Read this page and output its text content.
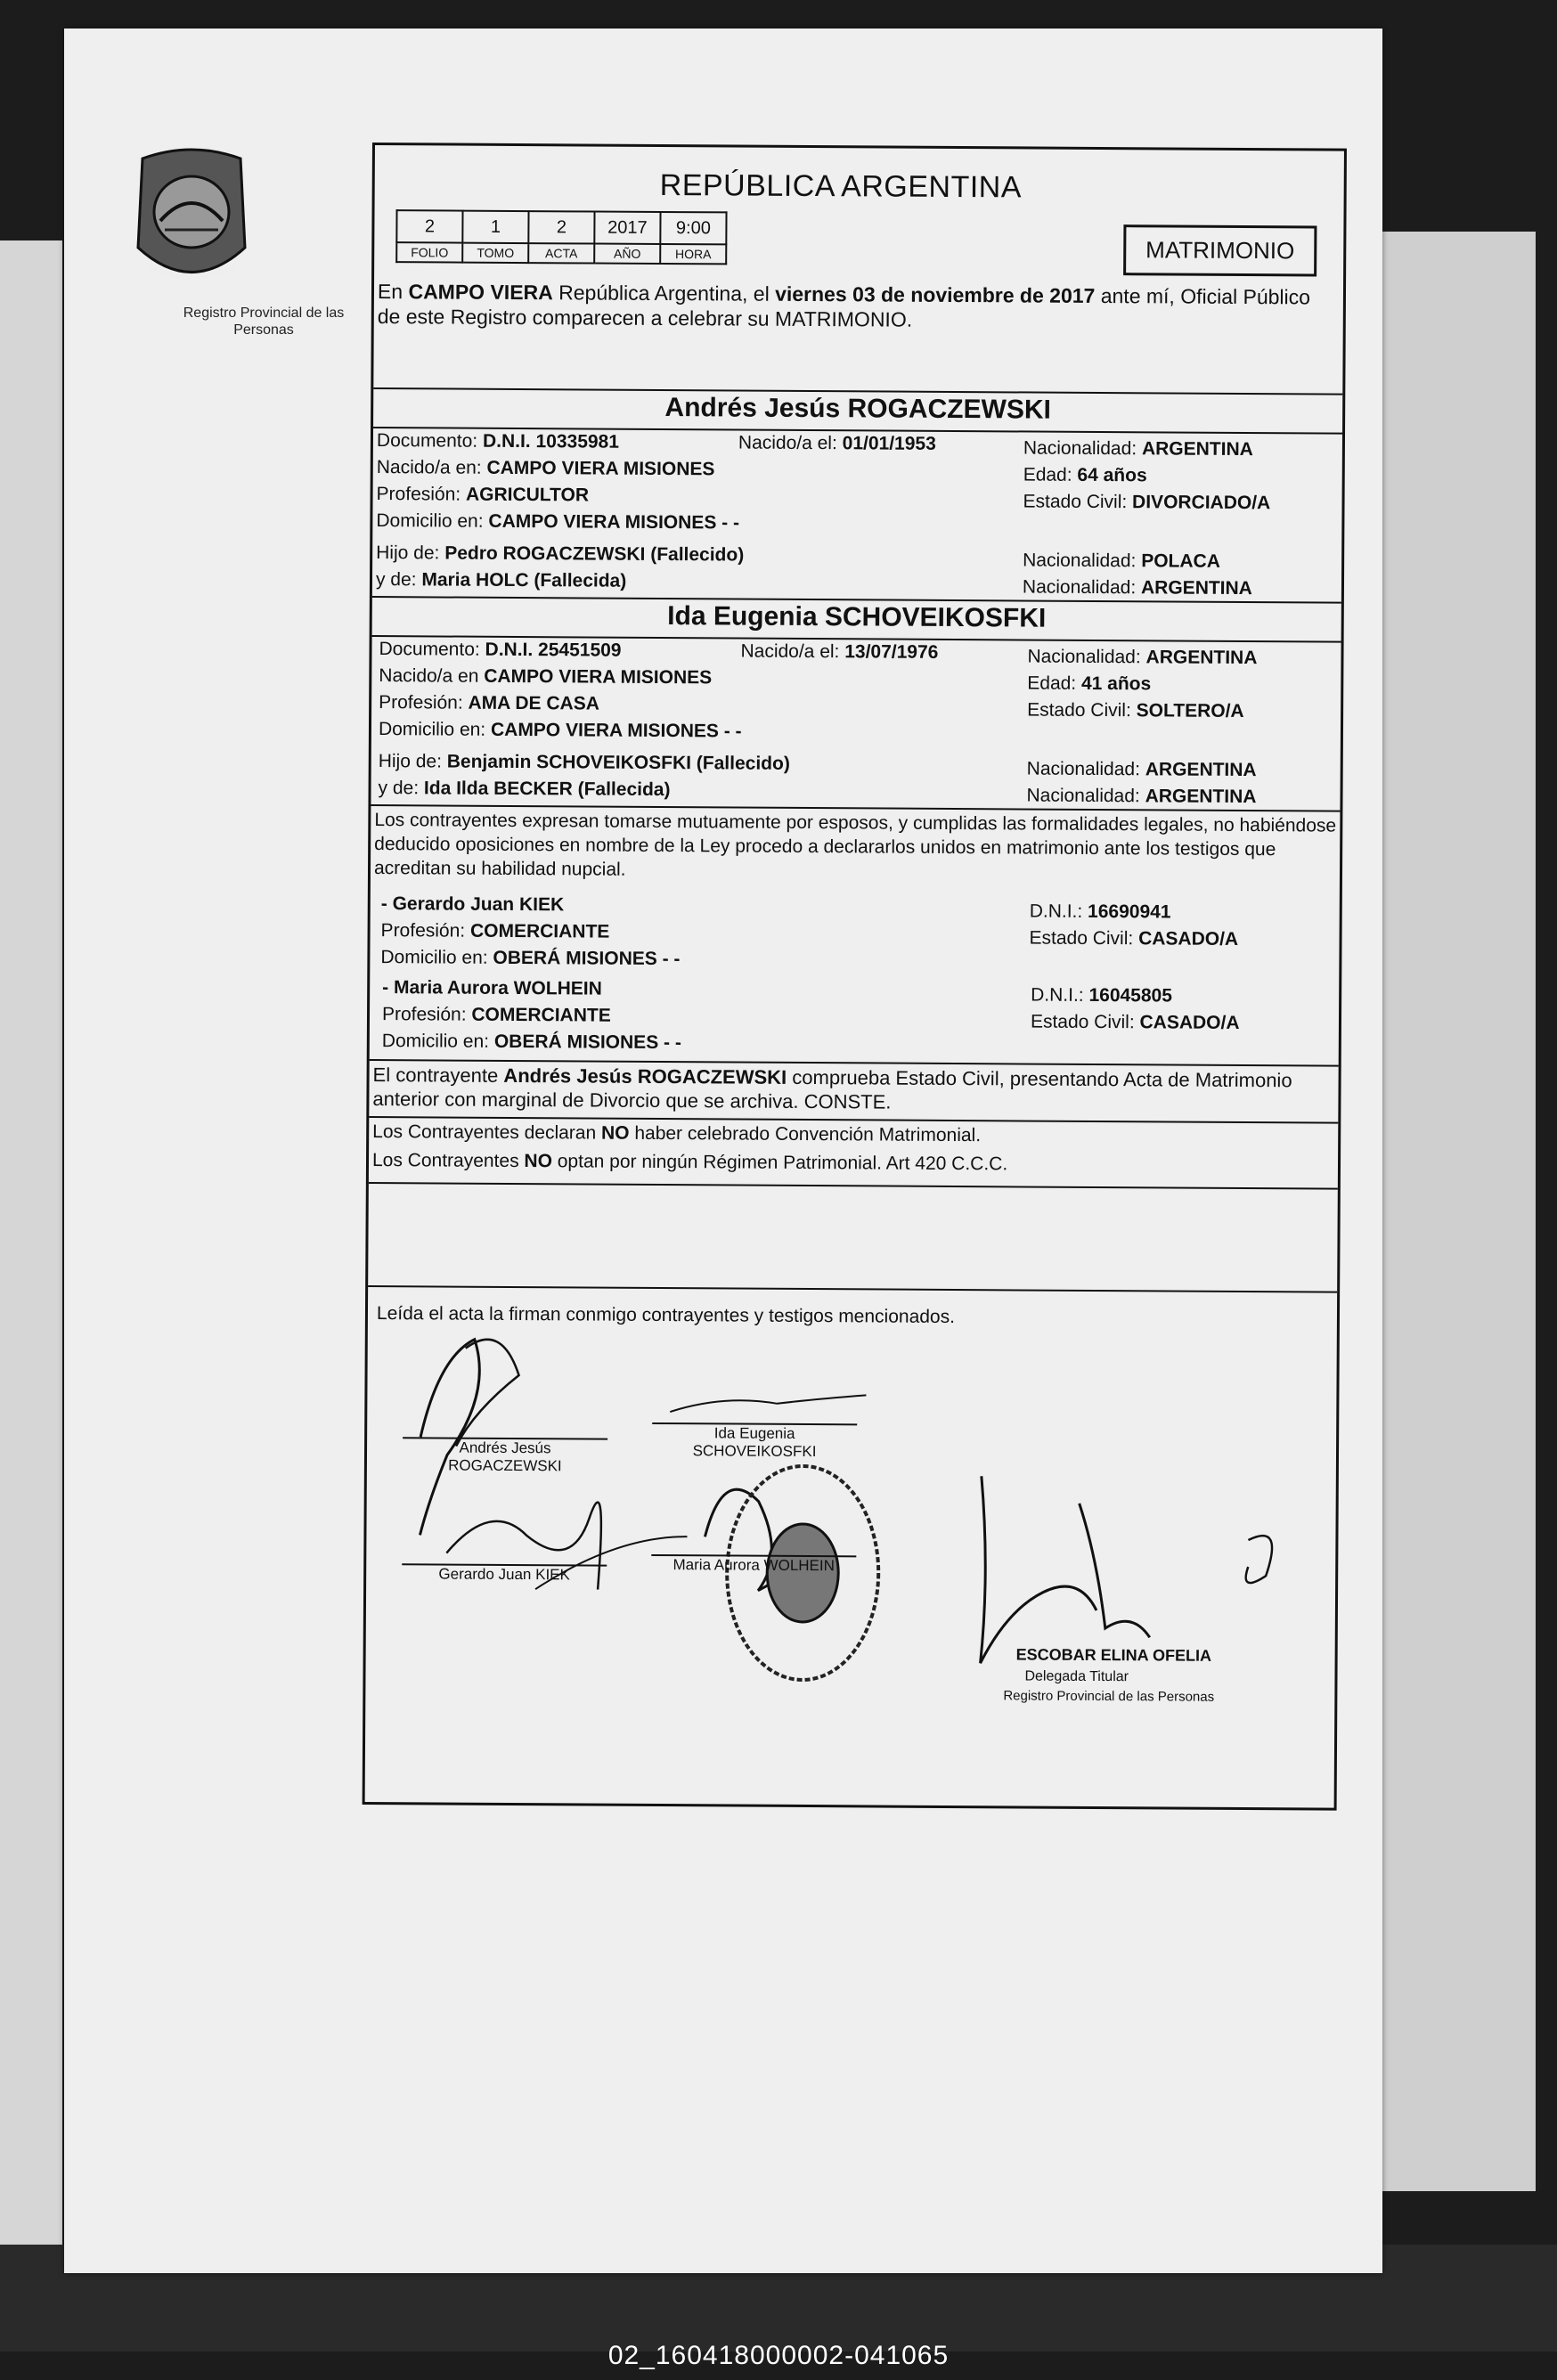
Registro Provincial de las Personas
REPÚBLICA ARGENTINA
2	1	2	2017	9:00
FOLIO	TOMO	ACTA	AÑO	HORA	MATRIMONIO
En CAMPO VIERA República Argentina, el viernes 03 de noviembre de 2017 ante mí, Oficial Público de este Registro comparecen a celebrar su MATRIMONIO.
Andrés Jesús ROGACZEWSKI
Documento: D.N.I. 10335981	Nacido/a el: 01/01/1953	Nacionalidad: ARGENTINA
Nacido/a en: CAMPO VIERA MISIONES	Edad: 64 años
Profesión: AGRICULTOR	Estado Civil: DIVORCIADO/A
Domicilio en: CAMPO VIERA MISIONES - -
Hijo de: Pedro ROGACZEWSKI (Fallecido)	Nacionalidad: POLACA
y de: Maria HOLC (Fallecida)	Nacionalidad: ARGENTINA
Ida Eugenia SCHOVEIKOSFKI
Documento: D.N.I. 25451509	Nacido/a el: 13/07/1976	Nacionalidad: ARGENTINA
Nacido/a en CAMPO VIERA MISIONES	Edad: 41 años
Profesión: AMA DE CASA	Estado Civil: SOLTERO/A
Domicilio en: CAMPO VIERA MISIONES - -
Hijo de: Benjamin SCHOVEIKOSFKI (Fallecido)	Nacionalidad: ARGENTINA
y de: Ida Ilda BECKER (Fallecida)	Nacionalidad: ARGENTINA
Los contrayentes expresan tomarse mutuamente por esposos, y cumplidas las formalidades legales, no habiéndose deducido oposiciones en nombre de la Ley procedo a declararlos unidos en matrimonio ante los testigos que acreditan su habilidad nupcial.
- Gerardo Juan KIEK	D.N.I.: 16690941
Profesión: COMERCIANTE	Estado Civil: CASADO/A
Domicilio en: OBERÁ MISIONES - -
- Maria Aurora WOLHEIN	D.N.I.: 16045805
Profesión: COMERCIANTE	Estado Civil: CASADO/A
Domicilio en: OBERÁ MISIONES - -
El contrayente Andrés Jesús ROGACZEWSKI comprueba Estado Civil, presentando Acta de Matrimonio anterior con marginal de Divorcio que se archiva. CONSTE.
Los Contrayentes declaran NO haber celebrado Convención Matrimonial.
Los Contrayentes NO optan por ningún Régimen Patrimonial. Art 420 C.C.C.
Leída el acta la firman conmigo contrayentes y testigos mencionados.
Andrés Jesús
ROGACZEWSKI
Ida Eugenia
SCHOVEIKOSFKI
Gerardo Juan KIEK
Maria Aurora WOLHEIN
ESCOBAR ELINA OFELIA
Delegada Titular
Registro Provincial de las Personas
02_160418000002-041065
